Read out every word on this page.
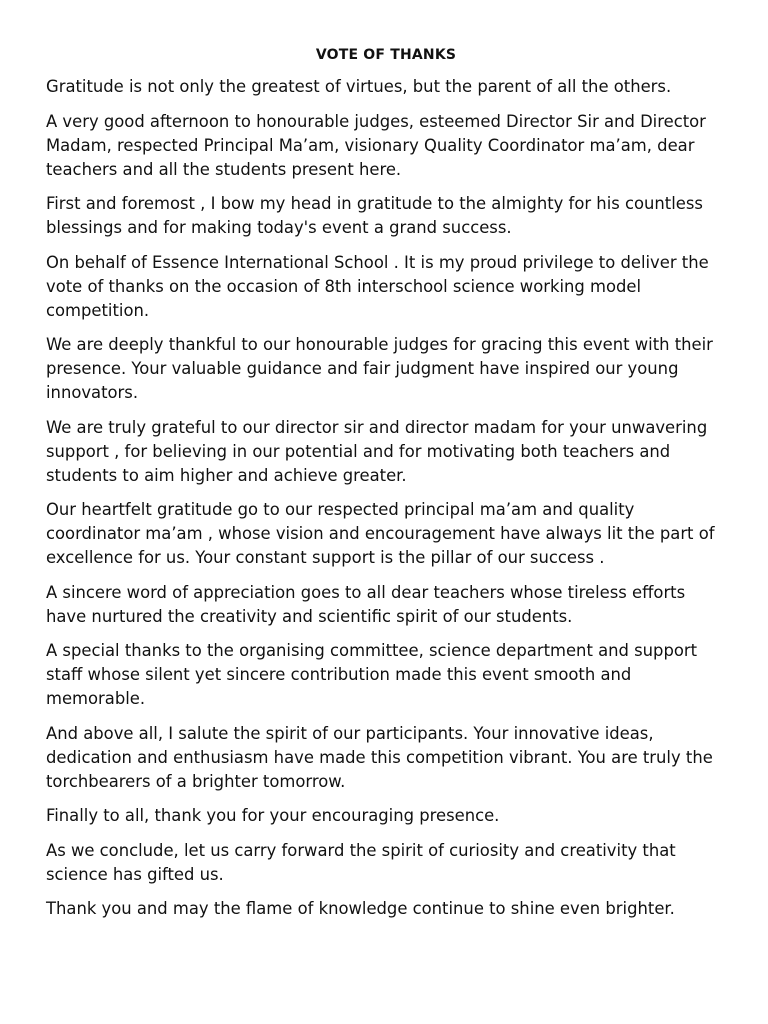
VOTE OF THANKS

Gratitude is not only the greatest of virtues, but the parent of all the others.

A very good afternoon to honourable judges, esteemed Director Sir and Director Madam, respected Principal Ma’am, visionary Quality Coordinator ma’am, dear teachers and all the students present here.

First and foremost , I bow my head in gratitude to the almighty for his countless blessings and for making today's event a grand success.

On behalf of Essence International School . It is my proud privilege to deliver the vote of thanks on the occasion of 8th interschool science working model competition.

We are deeply thankful to our honourable judges for gracing this event with their presence. Your valuable guidance and fair judgment have inspired our young innovators.

We are truly grateful to our director sir and director madam for your unwavering support , for believing in our potential and for motivating both teachers and students to aim higher and achieve greater.

Our heartfelt gratitude go to our respected principal ma’am and quality coordinator ma’am , whose vision and encouragement have always lit the part of excellence for us. Your constant support is the pillar of our success .

A sincere word of appreciation goes to all dear teachers whose tireless efforts have nurtured the creativity and scientific spirit of our students.

A special thanks to the organising committee, science department and support staff whose silent yet sincere contribution made this event smooth and memorable.

And above all, I salute the spirit of our participants. Your innovative ideas, dedication and enthusiasm have made this competition vibrant. You are truly the torchbearers of a brighter tomorrow.

Finally to all, thank you for your encouraging presence.

As we conclude, let us carry forward the spirit of curiosity and creativity that science has gifted us.

Thank you and may the flame of knowledge continue to shine even brighter.
